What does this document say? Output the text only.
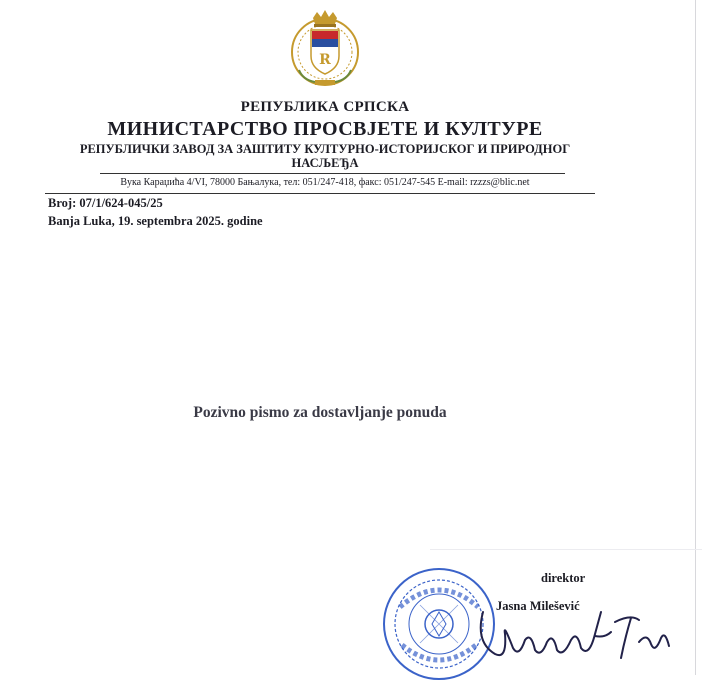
R
РЕПУБЛИКА СРПСКА
МИНИСТАРСТВО ПРОСВЈЕТЕ И КУЛТУРЕ
РЕПУБЛИЧКИ ЗАВОД ЗА ЗАШТИТУ КУЛТУРНО-ИСТОРИЈСКОГ И ПРИРОДНОГ НАСЉЕЂА
Вука Караџића 4/VI, 78000 Бањалука, тел: 051/247-418, факс: 051/247-545 E-mail: rzzzs@blic.net
Broj: 07/1/624-045/25
Banja Luka, 19. septembra 2025. godine
Pozivno pismo za dostavljanje ponuda
direktor
Jasna Milešević
